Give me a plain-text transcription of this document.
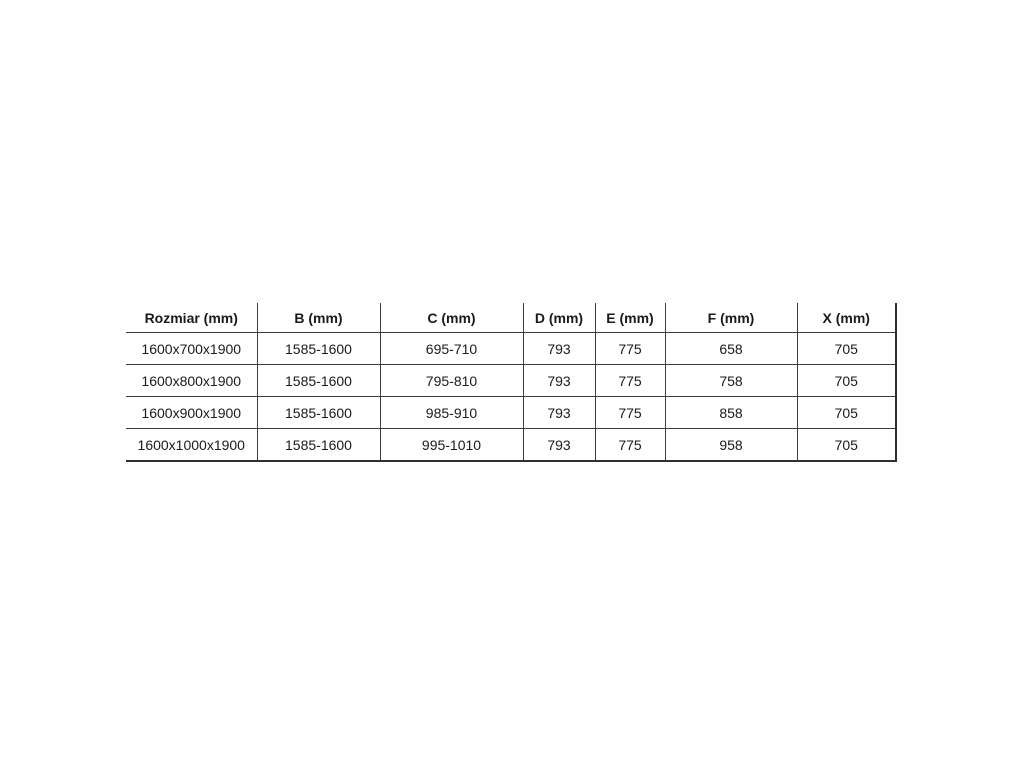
Rozmiar (mm)	B (mm)	C (mm)	D (mm)	E (mm)	F (mm)	X (mm)
1600x700x1900	1585-1600	695-710	793	775	658	705
1600x800x1900	1585-1600	795-810	793	775	758	705
1600x900x1900	1585-1600	985-910	793	775	858	705
1600x1000x1900	1585-1600	995-1010	793	775	958	705
